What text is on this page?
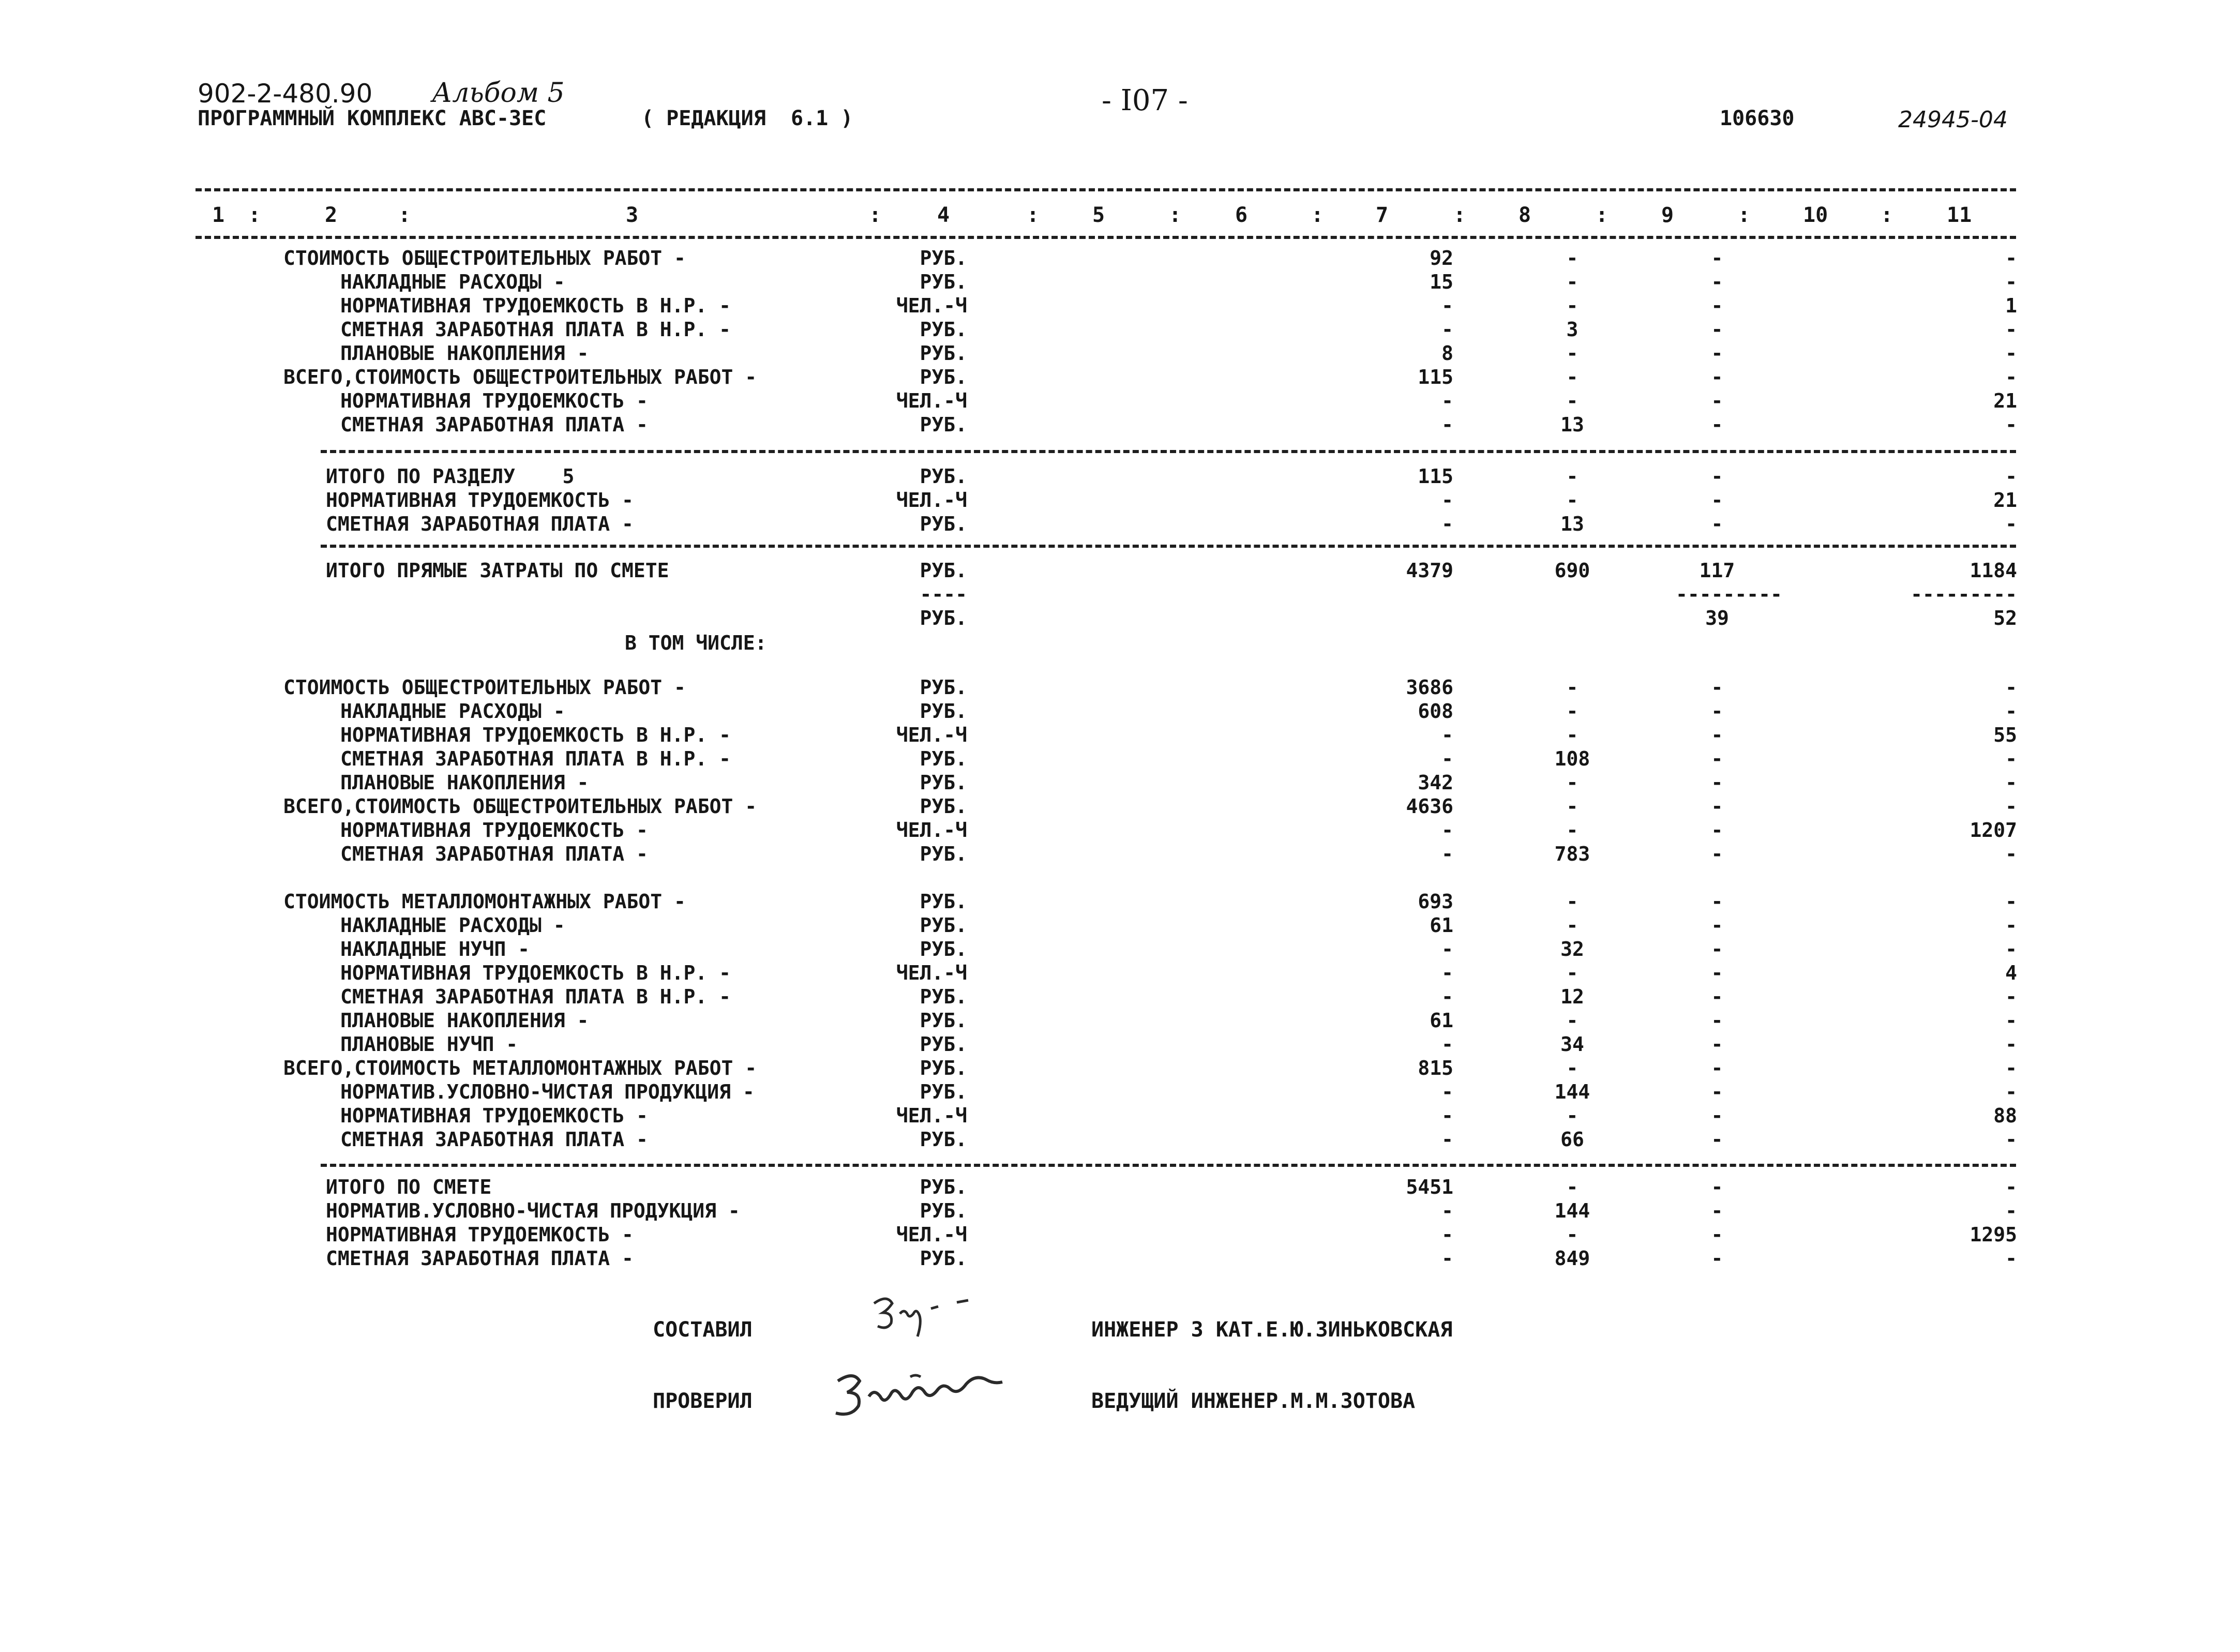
902-2-480.90 Альбом 5
ПРОГРАММНЫЙ КОМПЛЕКС АВС-3ЕС	( РЕДАКЦИЯ  6.1 )
- I07 -
106630	24945-04
1	2	3	4	5	6	7	8	9	10	11
:	:	:	:	:	:	:	:	:	:
СТОИМОСТЬ ОБЩЕСТРОИТЕЛЬНЫХ РАБОТ -	РУБ.	92	-	-	-
НАКЛАДНЫЕ РАСХОДЫ -	РУБ.	15	-	-	-
НОРМАТИВНАЯ ТРУДОЕМКОСТЬ В Н.Р. -	ЧЕЛ.-Ч	-	-	-	1
СМЕТНАЯ ЗАРАБОТНАЯ ПЛАТА В Н.Р. -	РУБ.	-	3	-	-
ПЛАНОВЫЕ НАКОПЛЕНИЯ -	РУБ.	8	-	-	-
ВСЕГО,СТОИМОСТЬ ОБЩЕСТРОИТЕЛЬНЫХ РАБОТ -	РУБ.	115	-	-	-
НОРМАТИВНАЯ ТРУДОЕМКОСТЬ -	ЧЕЛ.-Ч	-	-	-	21
СМЕТНАЯ ЗАРАБОТНАЯ ПЛАТА -	РУБ.	-	13	-	-
ИТОГО ПО РАЗДЕЛУ    5	РУБ.	115	-	-	-
НОРМАТИВНАЯ ТРУДОЕМКОСТЬ -	ЧЕЛ.-Ч	-	-	-	21
СМЕТНАЯ ЗАРАБОТНАЯ ПЛАТА -	РУБ.	-	13	-	-
ИТОГО ПРЯМЫЕ ЗАТРАТЫ ПО СМЕТЕ	РУБ.	4379	690	117	1184
----	---------	---------
РУБ.	39	52
В ТОМ ЧИСЛЕ:
СТОИМОСТЬ ОБЩЕСТРОИТЕЛЬНЫХ РАБОТ -	РУБ.	3686	-	-	-
НАКЛАДНЫЕ РАСХОДЫ -	РУБ.	608	-	-	-
НОРМАТИВНАЯ ТРУДОЕМКОСТЬ В Н.Р. -	ЧЕЛ.-Ч	-	-	-	55
СМЕТНАЯ ЗАРАБОТНАЯ ПЛАТА В Н.Р. -	РУБ.	-	108	-	-
ПЛАНОВЫЕ НАКОПЛЕНИЯ -	РУБ.	342	-	-	-
ВСЕГО,СТОИМОСТЬ ОБЩЕСТРОИТЕЛЬНЫХ РАБОТ -	РУБ.	4636	-	-	-
НОРМАТИВНАЯ ТРУДОЕМКОСТЬ -	ЧЕЛ.-Ч	-	-	-	1207
СМЕТНАЯ ЗАРАБОТНАЯ ПЛАТА -	РУБ.	-	783	-	-
СТОИМОСТЬ МЕТАЛЛОМОНТАЖНЫХ РАБОТ -	РУБ.	693	-	-	-
НАКЛАДНЫЕ РАСХОДЫ -	РУБ.	61	-	-	-
НАКЛАДНЫЕ НУЧП -	РУБ.	-	32	-	-
НОРМАТИВНАЯ ТРУДОЕМКОСТЬ В Н.Р. -	ЧЕЛ.-Ч	-	-	-	4
СМЕТНАЯ ЗАРАБОТНАЯ ПЛАТА В Н.Р. -	РУБ.	-	12	-	-
ПЛАНОВЫЕ НАКОПЛЕНИЯ -	РУБ.	61	-	-	-
ПЛАНОВЫЕ НУЧП -	РУБ.	-	34	-	-
ВСЕГО,СТОИМОСТЬ МЕТАЛЛОМОНТАЖНЫХ РАБОТ -	РУБ.	815	-	-	-
НОРМАТИВ.УСЛОВНО-ЧИСТАЯ ПРОДУКЦИЯ -	РУБ.	-	144	-	-
НОРМАТИВНАЯ ТРУДОЕМКОСТЬ -	ЧЕЛ.-Ч	-	-	-	88
СМЕТНАЯ ЗАРАБОТНАЯ ПЛАТА -	РУБ.	-	66	-	-
ИТОГО ПО СМЕТЕ	РУБ.	5451	-	-	-
НОРМАТИВ.УСЛОВНО-ЧИСТАЯ ПРОДУКЦИЯ -	РУБ.	-	144	-	-
НОРМАТИВНАЯ ТРУДОЕМКОСТЬ -	ЧЕЛ.-Ч	-	-	-	1295
СМЕТНАЯ ЗАРАБОТНАЯ ПЛАТА -	РУБ.	-	849	-	-
СОСТАВИЛ	ИНЖЕНЕР 3 КАТ.Е.Ю.ЗИНЬКОВСКАЯ
ПРОВЕРИЛ	ВЕДУЩИЙ ИНЖЕНЕР.М.М.ЗОТОВА
